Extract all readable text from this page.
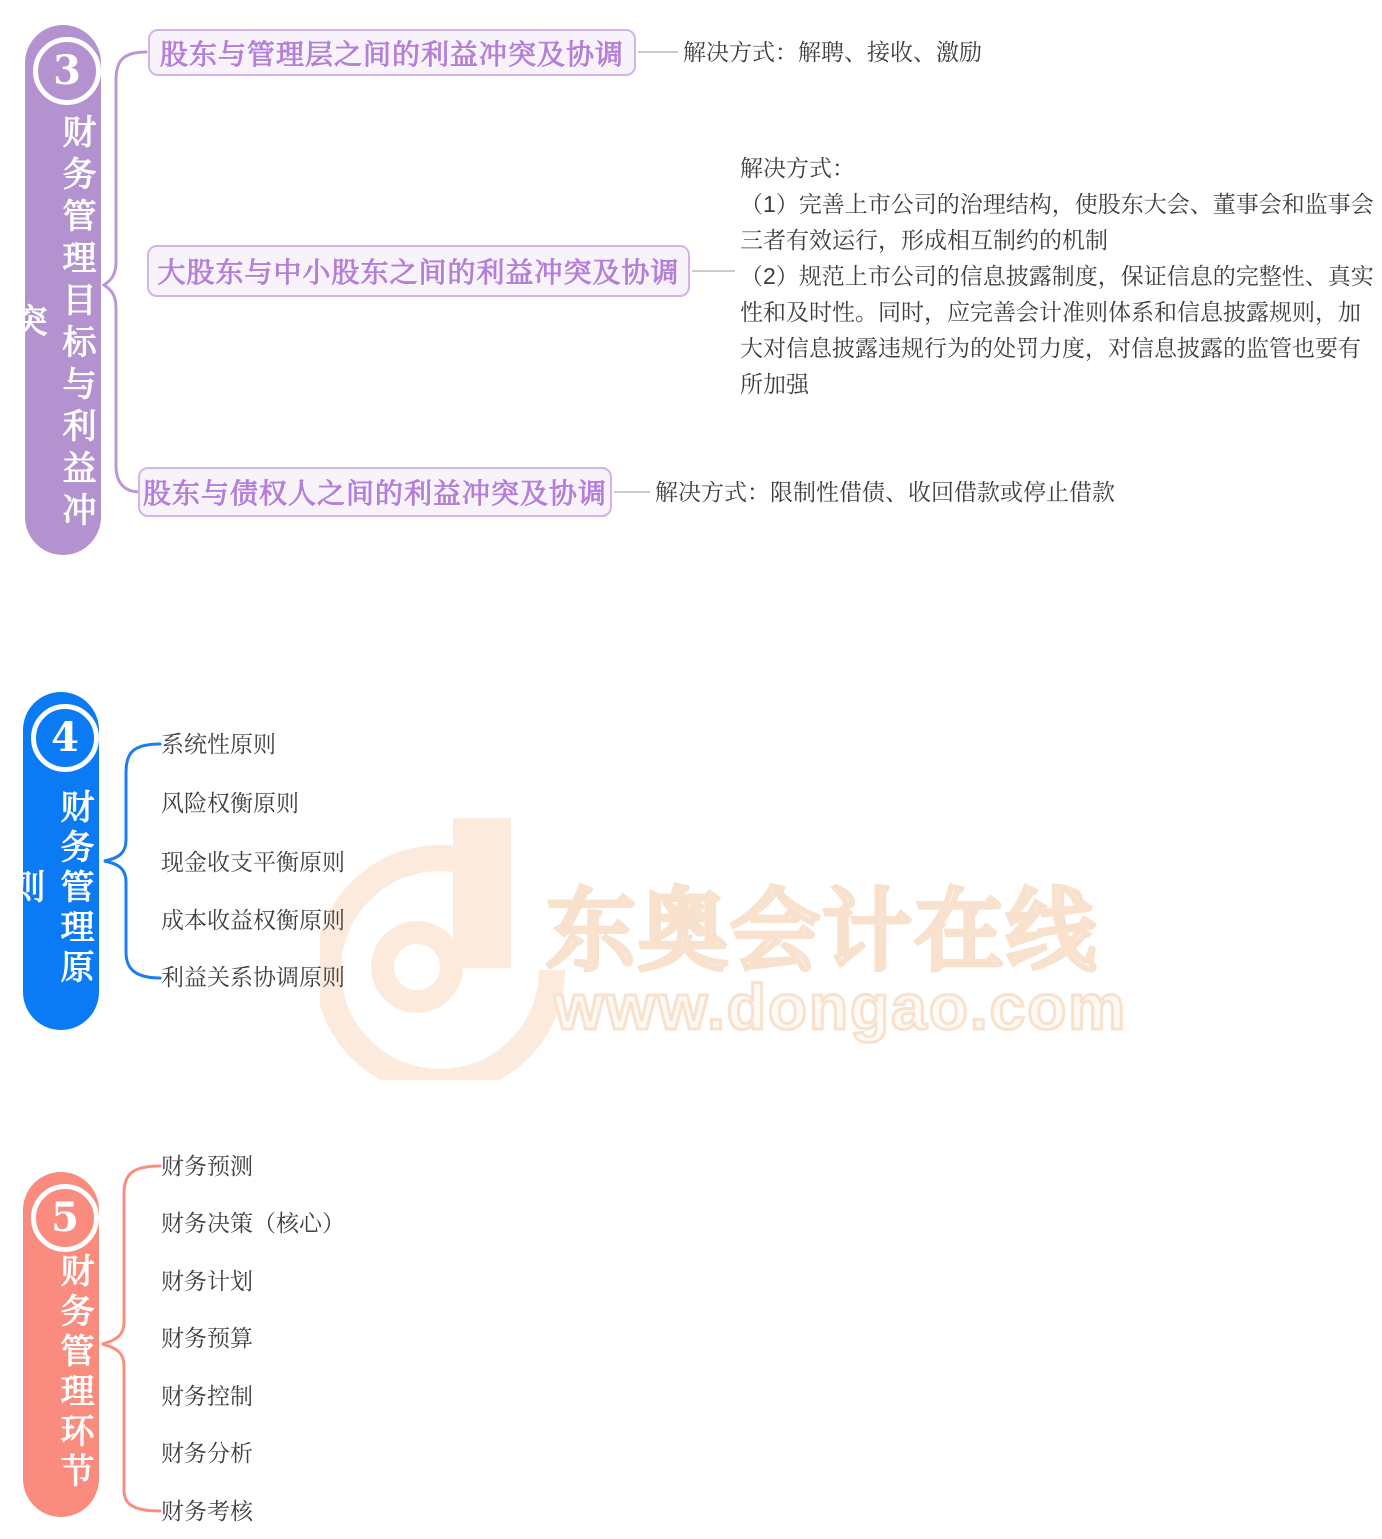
东奥会计在线
www.dongao.com
3
财务管理目标与利益冲突
股东与管理层之间的利益冲突及协调
大股东与中小股东之间的利益冲突及协调
股东与债权人之间的利益冲突及协调
解决方式：解聘、接收、激励
解决方式：
（1）完善上市公司的治理结构，使股东大会、董事会和监事会
三者有效运行，形成相互制约的机制
（2）规范上市公司的信息披露制度，保证信息的完整性、真实
性和及时性。同时，应完善会计准则体系和信息披露规则，加
大对信息披露违规行为的处罚力度，对信息披露的监管也要有
所加强
解决方式：限制性借债、收回借款或停止借款
4
财务管理原则
系统性原则
风险权衡原则
现金收支平衡原则
成本收益权衡原则
利益关系协调原则
5
财务管理环节
财务预测
财务决策（核心）
财务计划
财务预算
财务控制
财务分析
财务考核
